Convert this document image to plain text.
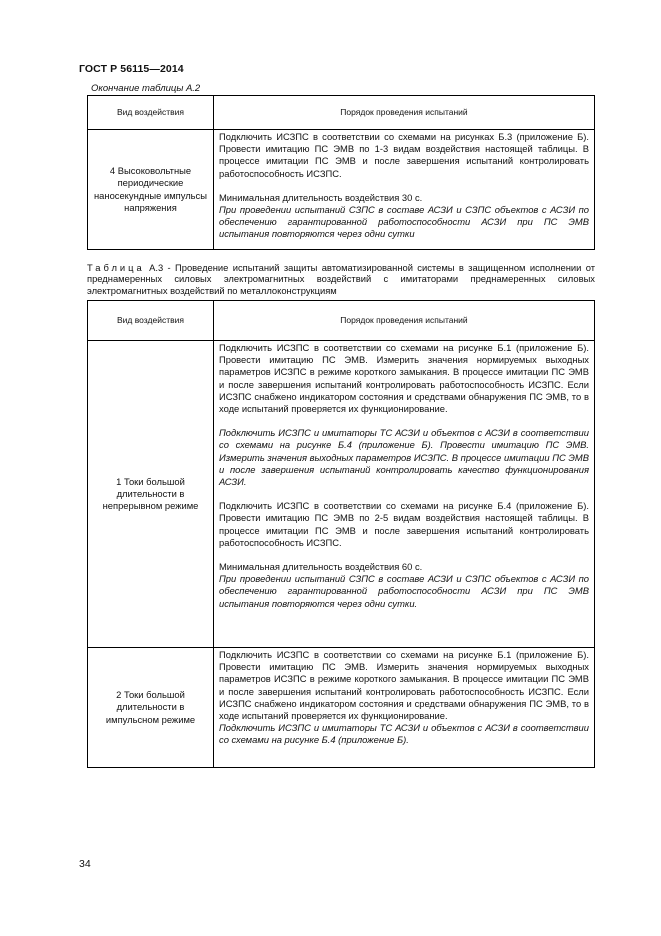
ГОСТ Р 56115—2014
Окончание таблицы А.2
Вид воздействия	Порядок проведения испытаний
4 Высоковольтные периодические наносекундные импульсы напряжения	Подключить ИСЗПС в соответствии со схемами на рисунках Б.3 (приложение Б). Провести имитацию ПС ЭМВ по 1-3 видам воздействия настоящей таблицы. В процессе имитации ПС ЭМВ и после завершения испытаний контролировать работоспособность ИСЗПС.

Минимальная длительность воздействия 30 с.

При проведении испытаний СЗПС в составе АСЗИ и СЗПС объектов с АСЗИ по обеспечению гарантированной работоспособности АСЗИ при ПС ЭМВ испытания повторяются через одни сутки

Таблица А.3 - Проведение испытаний защиты автоматизированной системы в защищенном исполнении от преднамеренных силовых электромагнитных воздействий с имитаторами преднамеренных силовых электромагнитных воздействий по металлоконструкциям
Вид воздействия	Порядок проведения испытаний
1 Токи большой длительности в непрерывном режиме	Подключить ИСЗПС в соответствии со схемами на рисунке Б.1 (приложение Б). Провести имитацию ПС ЭМВ. Измерить значения нормируемых выходных параметров ИСЗПС в режиме короткого замыкания. В процессе имитации ПС ЭМВ и после завершения испытаний контролировать работоспособность ИСЗПС. Если ИСЗПС снабжено индикатором состояния и средствами обнаружения ПС ЭМВ, то в ходе испытаний проверяется их функционирование.

Подключить ИСЗПС и имитаторы ТС АСЗИ и объектов с АСЗИ в соответствии со схемами на рисунке Б.4 (приложение Б). Провести имитацию ПС ЭМВ. Измерить значения выходных параметров ИСЗПС. В процессе имитации ПС ЭМВ и после завершения испытаний контролировать качество функционирования АСЗИ.

Подключить ИСЗПС в соответствии со схемами на рисунке Б.4 (приложение Б). Провести имитацию ПС ЭМВ по 2-5 видам воздействия настоящей таблицы. В процессе имитации ПС ЭМВ и после завершения испытаний контролировать работоспособность ИСЗПС.

Минимальная длительность воздействия 60 с.

При проведении испытаний СЗПС в составе АСЗИ и СЗПС объектов с АСЗИ по обеспечению гарантированной работоспособности АСЗИ при ПС ЭМВ испытания повторяются через одни сутки.

2 Токи большой длительности в импульсном режиме	Подключить ИСЗПС в соответствии со схемами на рисунке Б.1 (приложение Б). Провести имитацию ПС ЭМВ. Измерить значения нормируемых выходных параметров ИСЗПС в режиме короткого замыкания. В процессе имитации ПС ЭМВ и после завершения испытаний контролировать работоспособность ИСЗПС. Если ИСЗПС снабжено индикатором состояния и средствами обнаружения ПС ЭМВ, то в ходе испытаний проверяется их функционирование.

Подключить ИСЗПС и имитаторы ТС АСЗИ и объектов с АСЗИ в соответствии со схемами на рисунке Б.4 (приложение Б).

34
